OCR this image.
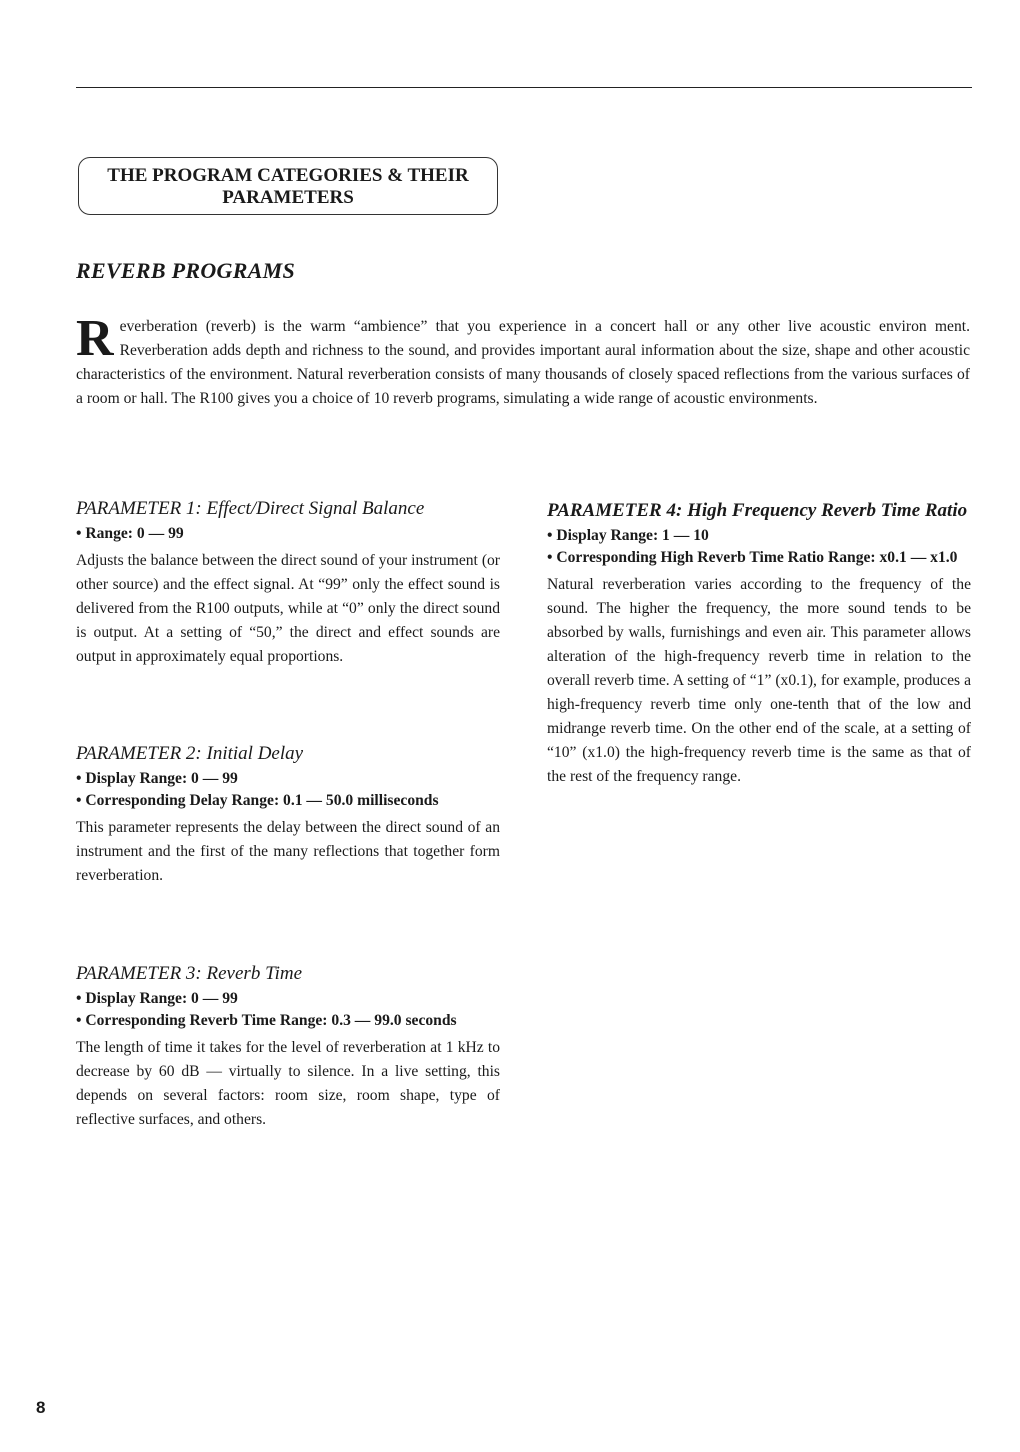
THE PROGRAM CATEGORIES & THEIR
PARAMETERS
REVERB PROGRAMS
R everberation (reverb) is the warm “ambience” that you experience in a concert hall or any other live acoustic environ ment. Reverberation adds depth and richness to the sound, and provides important aural information about the size, shape and other acoustic characteristics of the environment. Natural reverberation consists of many thousands of closely spaced reflections from the various surfaces of a room or hall. The R100 gives you a choice of 10 reverb programs, simulating a wide range of acoustic environments.

PARAMETER 1: Effect/Direct Signal Balance

• Range: 0 — 99

Adjusts the balance between the direct sound of your instrument (or other source) and the effect signal. At “99” only the effect sound is delivered from the R100 outputs, while at “0” only the direct sound is output. At a setting of “50,” the direct and effect sounds are output in approximately equal proportions.

PARAMETER 2: Initial Delay

• Display Range: 0 — 99

• Corresponding Delay Range: 0.1 — 50.0 milliseconds

This parameter represents the delay between the direct sound of an instrument and the first of the many reflections that together form reverberation.

PARAMETER 3: Reverb Time

• Display Range: 0 — 99

• Corresponding Reverb Time Range: 0.3 — 99.0 seconds

The length of time it takes for the level of reverberation at 1 kHz to decrease by 60 dB — virtually to silence. In a live setting, this depends on several factors: room size, room shape, type of reflective surfaces, and others.

PARAMETER 4: High Frequency Reverb Time Ratio

• Display Range: 1 — 10

• Corresponding High Reverb Time Ratio Range: x0.1 — x1.0

Natural reverberation varies according to the frequency of the sound. The higher the frequency, the more sound tends to be absorbed by walls, furnishings and even air. This parameter allows alteration of the high-frequency reverb time in relation to the overall reverb time. A setting of “1” (x0.1), for example, produces a high-frequency reverb time only one-tenth that of the low and midrange reverb time. On the other end of the scale, at a setting of “10” (x1.0) the high-frequency reverb time is the same as that of the rest of the frequency range.

8
